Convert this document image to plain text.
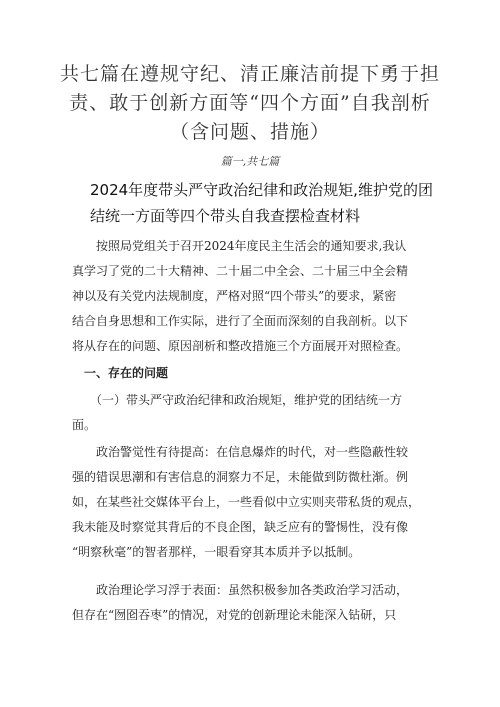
共七篇在遵规守纪、清正廉洁前提下勇于担
责、敢于创新方面等“四个方面”自我剖析
（含问题、措施）
篇一,共七篇
2024年度带头严守政治纪律和政治规矩,维护党的团
结统一方面等四个带头自我查摆检查材料
　　按照局党组关于召开2024年度民主生活会的通知要求,我认
真学习了党的二十大精神、二十届二中全会、二十届三中全会精
神以及有关党内法规制度，严格对照“四个带头”的要求，紧密
结合自身思想和工作实际，进行了全面而深刻的自我剖析。以下
将从存在的问题、原因剖析和整改措施三个方面展开对照检查。
　一、存在的问题
　　（一）带头严守政治纪律和政治规矩，维护党的团结统一方
面。
　　政治警觉性有待提高：在信息爆炸的时代，对一些隐蔽性较
强的错误思潮和有害信息的洞察力不足，未能做到防微杜渐。例
如，在某些社交媒体平台上，一些看似中立实则夹带私货的观点，
我未能及时察觉其背后的不良企图，缺乏应有的警惕性，没有像
“明察秋毫”的智者那样，一眼看穿其本质并予以抵制。
　　政治理论学习浮于表面：虽然积极参加各类政治学习活动，
但存在“囫囵吞枣”的情况，对党的创新理论未能深入钻研，只
